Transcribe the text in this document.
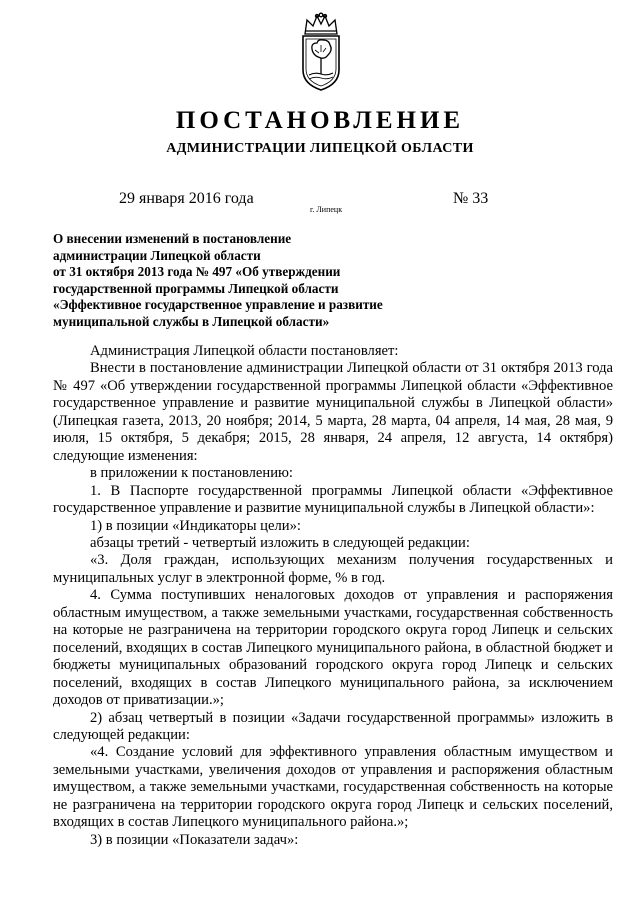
ПОСТАНОВЛЕНИЕ
АДМИНИСТРАЦИИ ЛИПЕЦКОЙ ОБЛАСТИ
29 января 2016 года
г. Липецк
№ 33
О внесении изменений в постановление
администрации Липецкой области
от 31 октября 2013 года № 497 «Об утверждении
государственной программы Липецкой области
«Эффективное государственное управление и развитие
муниципальной службы в Липецкой области»

Администрация Липецкой области постановляет:

Внести в постановление администрации Липецкой области от 31 октября 2013 года № 497 «Об утверждении государственной программы Липецкой области «Эффективное государственное управление и развитие муниципальной службы в Липецкой области» (Липецкая газета, 2013, 20 ноября; 2014, 5 марта, 28 марта, 04 апреля, 14 мая, 28 мая, 9 июля, 15 октября, 5 декабря; 2015, 28 января, 24 апреля, 12 августа, 14 октября) следующие изменения:

в приложении к постановлению:

1. В Паспорте государственной программы Липецкой области «Эффективное государственное управление и развитие муниципальной службы в Липецкой области»:

1) в позиции «Индикаторы цели»:

абзацы третий - четвертый изложить в следующей редакции:

«3. Доля граждан, использующих механизм получения государственных и муниципальных услуг в электронной форме, % в год.

4. Сумма поступивших неналоговых доходов от управления и распоряжения областным имуществом, а также земельными участками, государственная собственность на которые не разграничена на территории городского округа город Липецк и сельских поселений, входящих в состав Липецкого муниципального района, в областной бюджет и бюджеты муниципальных образований городского округа город Липецк и сельских поселений, входящих в состав Липецкого муниципального района, за исключением доходов от приватизации.»;

2) абзац четвертый в позиции «Задачи государственной программы» изложить в следующей редакции:

«4. Создание условий для эффективного управления областным имуществом и земельными участками, увеличения доходов от управления и распоряжения областным имуществом, а также земельными участками, государственная собственность на которые не разграничена на территории городского округа город Липецк и сельских поселений, входящих в состав Липецкого муниципального района.»;

3) в позиции «Показатели задач»:
